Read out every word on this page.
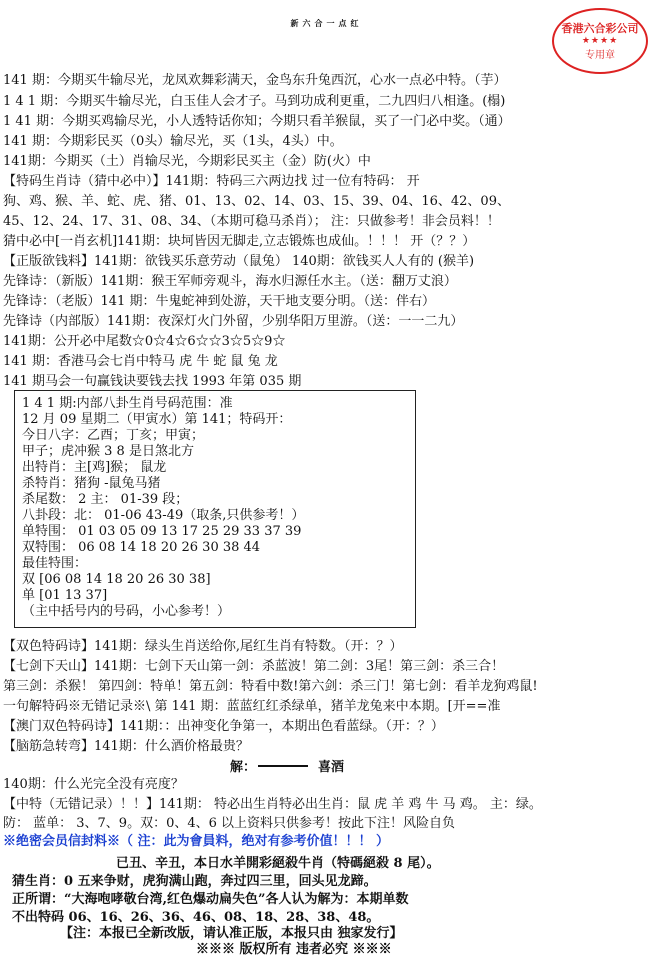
新六合一点红	香港六合彩公司
★★★★
专用章
141 期：今期买牛输尽光，龙凤欢舞彩满天，金鸟东升兔西沉，心水一点必中特。（芋）
1 4 1 期：今期买牛输尽光，白玉佳人会才子。马到功成利更重，二九四归八相逢。(榻)
1 41 期：今期买鸡输尽光，小人透特话你知；今期只看羊猴鼠，买了一门必中奖。（通）
141 期：今期彩民买（0头）输尽光，买（1头，4头）中。
141期：今期买（土）肖输尽光，今期彩民买主（金）防(火）中
【特码生肖诗（猜中必中）】141期：特码三六两边找 过一位有特码： 开
狗、鸡、猴、羊、蛇、虎、猪、01、13、02、14、03、15、39、04、16、42、09、
45、12、24、17、31、08、34、（本期可稳马杀肖）； 注：只做参考！非会员料！！
猜中必中[一肖玄机]141期：块坷皆因无脚走,立志锻炼也成仙。！！！ 开（？？）
【正版欲钱料】141期：欲钱买乐意劳动（鼠兔） 140期：欲钱买人人有的 (猴羊)
先锋诗：（新版）141期：猴王军师旁观斗，海水归源任水主。（送：翻万丈浪）
先锋诗：（老版）141 期：牛鬼蛇神到处游，天干地支要分明。（送：伴右）
先锋诗（内部版）141期：夜深灯火门外留，少别华阳万里游。（送：一一二九）
141期：公开必中尾数☆0☆4☆6☆☆3☆5☆9☆
141 期：香港马会七肖中特马 虎 牛 蛇 鼠 兔 龙
141 期马会一句赢钱诀要钱去找 1993 年第 035 期
1 4 1 期:内部八卦生肖号码范围：准
12 月 09 星期二（甲寅水）第 141；特码开：
今日八字：乙酉；丁亥；甲寅；
甲子；虎冲猴 3 8 是日煞北方
出特肖：主[鸡]猴； 鼠龙
杀特肖：猪狗 -鼠兔马猪
杀尾数： 2 主： 01-39 段；
八卦段：北： 01-06 43-49（取条,只供参考！）
单特围： 01 03 05 09 13 17 25 29 33 37 39
双特围： 06 08 14 18 20 26 30 38 44
最佳特围：
双 [06 08 14 18 20 26 30 38]
单 [01 13 37]
（主中括号内的号码，小心参考！）
【双色特码诗】141期：绿头生肖送给你,尾红生肖有特数。（开：？）
【七剑下天山】141期：七剑下天山第一剑：杀蓝波！第二剑：3尾！第三剑：杀三合！
第三剑：杀猴！ 第四剑：特单！第五剑：特看中数!第六剑：杀三门！第七剑：看羊龙狗鸡鼠!
一句解特码※无错记录※\ 第 141 期：蓝蓝红红杀绿单，猪羊龙兔来中本期。[开==准
【澳门双色特码诗】141期：：出神变化争第一，本期出色看蓝绿。（开：？）
【脑筋急转弯】141期：什么酒价格最贵？
解：	喜酒
140期：什么光完全没有亮度？
【中特（无错记录）！！】141期： 特必出生肖特必出生肖：鼠 虎 羊 鸡 牛 马 鸡。 主：绿。
防： 蓝单： 3、7、9。双：0、4、6 以上资料只供参考！按此下注！风险自负
※绝密会员信封料※（ 注：此为會員料，绝对有参考价值！！！ ）
已丑、辛丑，本日水羊開彩絕殺牛肖（特碼絕殺 8 尾）。
猜生肖：0 五来争财，虎狗满山跑，奔过四三里，回头见龙蹄。
正所谓：“大海咆哮敬台湾,红色爆动扁失色”各人认为解为：本期单数
不出特码 06、16、26、36、46、08、18、28、38、48。
【注：本报已全新改版，请认准正版，本报只由 独家发行】
※※※ 版权所有 违者必究 ※※※
